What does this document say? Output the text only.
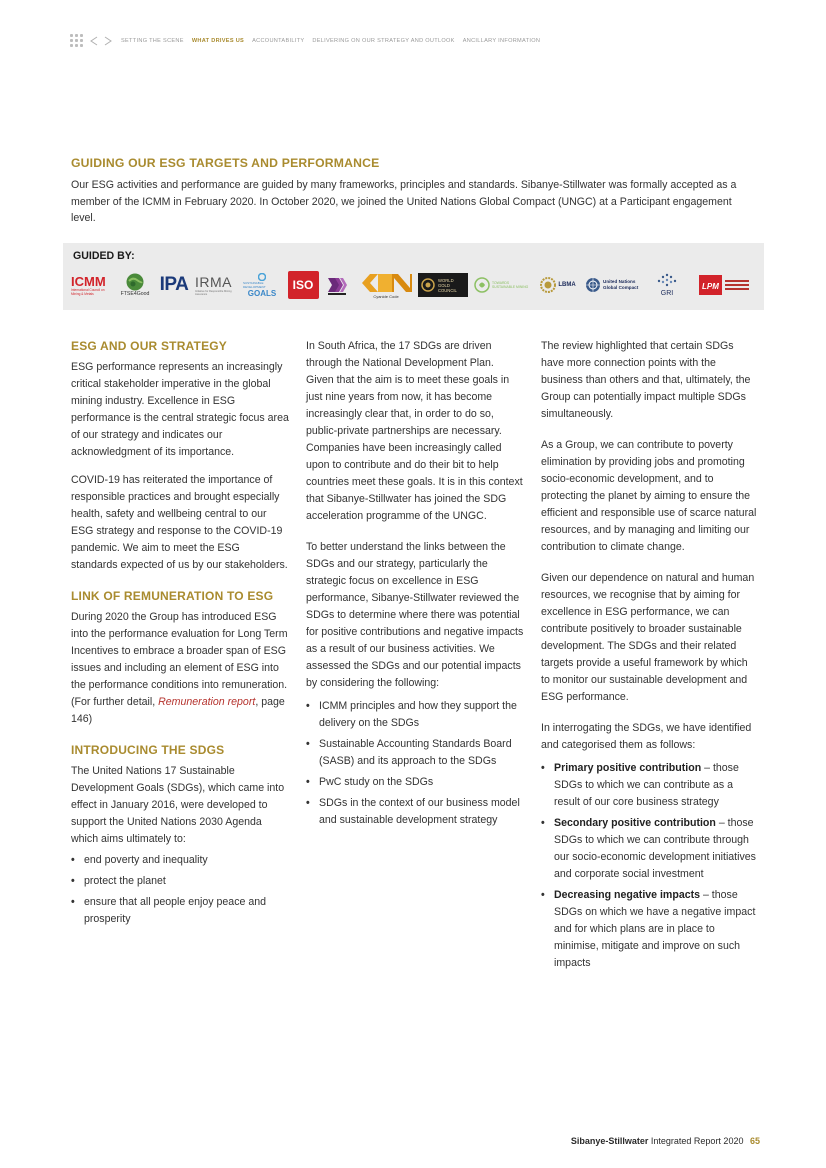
SETTING THE SCENE WHAT DRIVES US ACCOUNTABILITY DELIVERING ON OUR STRATEGY AND OUTLOOK ANCILLARY INFORMATION
GUIDING OUR ESG TARGETS AND PERFORMANCE
Our ESG activities and performance are guided by many frameworks, principles and standards. Sibanye-Stillwater was formally accepted as a member of the ICMM in February 2020. In October 2020, we joined the United Nations Global Compact (UNGC) at a Participant engagement level.
GUIDED BY:
ICMM
International Council on Mining & Metals	FTSE4Good IPA IRMA
Initiative for Responsible Mining Assurance
SUSTAINABLE DEVELOPMENT
GOALS
ISO
Cyanide Code
WORLD GOLD COUNCIL
TOWARDS SUSTAINABLE MINING	LBMA
United Nations Global Compact
GRI
LPM
ESG AND OUR STRATEGY

ESG performance represents an increasingly critical stakeholder imperative in the global mining industry. Excellence in ESG performance is the central strategic focus area of our strategy and indicates our acknowledgment of its importance.

COVID-19 has reiterated the importance of responsible practices and brought especially health, safety and wellbeing central to our ESG strategy and response to the COVID-19 pandemic. We aim to meet the ESG standards expected of us by our stakeholders.

LINK OF REMUNERATION TO ESG

During 2020 the Group has introduced ESG into the performance evaluation for Long Term Incentives to embrace a broader span of ESG issues and including an element of ESG into the performance conditions into remuneration. (For further detail, Remuneration report, page 146)

INTRODUCING THE SDGS

The United Nations 17 Sustainable Development Goals (SDGs), which came into effect in January 2016, were developed to support the United Nations 2030 Agenda which aims ultimately to:

• end poverty and inequality
• protect the planet
• ensure that all people enjoy peace and prosperity

In South Africa, the 17 SDGs are driven through the National Development Plan. Given that the aim is to meet these goals in just nine years from now, it has become increasingly clear that, in order to do so, public-private partnerships are necessary. Companies have been increasingly called upon to contribute and do their bit to help countries meet these goals. It is in this context that Sibanye-Stillwater has joined the SDG acceleration programme of the UNGC.

To better understand the links between the SDGs and our strategy, particularly the strategic focus on excellence in ESG performance, Sibanye-Stillwater reviewed the SDGs to determine where there was potential for positive contributions and negative impacts as a result of our business activities. We assessed the SDGs and our potential impacts by considering the following:

• ICMM principles and how they support the delivery on the SDGs
• Sustainable Accounting Standards Board (SASB) and its approach to the SDGs
• PwC study on the SDGs
• SDGs in the context of our business model and sustainable development strategy

The review highlighted that certain SDGs have more connection points with the business than others and that, ultimately, the Group can potentially impact multiple SDGs simultaneously.

As a Group, we can contribute to poverty elimination by providing jobs and promoting socio-economic development, and to protecting the planet by aiming to ensure the efficient and responsible use of scarce natural resources, and by managing and limiting our contribution to climate change.

Given our dependence on natural and human resources, we recognise that by aiming for excellence in ESG performance, we can contribute positively to broader sustainable development. The SDGs and their related targets provide a useful framework by which to monitor our sustainable development and ESG performance.

In interrogating the SDGs, we have identified and categorised them as follows:

• Primary positive contribution – those SDGs to which we can contribute as a result of our core business strategy
• Secondary positive contribution – those SDGs to which we can contribute through our socio-economic development initiatives and corporate social investment
• Decreasing negative impacts – those SDGs on which we have a negative impact and for which plans are in place to minimise, mitigate and improve on such impacts
Sibanye-Stillwater Integrated Report 2020 65
